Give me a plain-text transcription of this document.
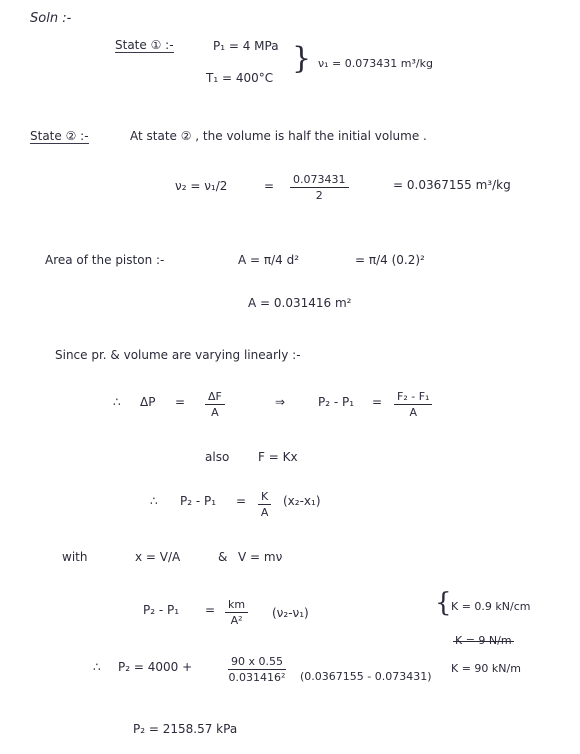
Soln :-
State ① :-	P₁ = 4 MPa
T₁ = 400°C
} ν₁ = 0.073431 m³/kg
State ② :-	At state ② , the volume is half the initial volume .
ν₂ = ν₁/2	= $\frac{0.073431}{2}$	= 0.0367155 m³/kg
Area of the piston :-	A = π/4 d²	= π/4 (0.2)²
A = 0.031416 m²
Since pr. & volume are varying linearly :-
∴ $\Delta P = \frac{\Delta F}{A}$	⇒	$P_2 - P_1 = \frac{\text{F₂ - F₁}}{A}$
also F = Kx
∴ $P_2 - P_1 = \frac{K}{A} (x_2-x_1)$
with	x = V/A	& V = mν
$P_2 - P_1 = \frac{km}{\text{A²}} (\nu_2-\nu_1)$	{ K = 0.9 kN/cm
K = 9 N/m
K = 90 kN/m
∴ P₂ = 4000 +	$\frac{90 x 0.55}{\text{0.031416²}} (0.0367155 - 0.073431)$
P₂ = 2158.57 kPa
